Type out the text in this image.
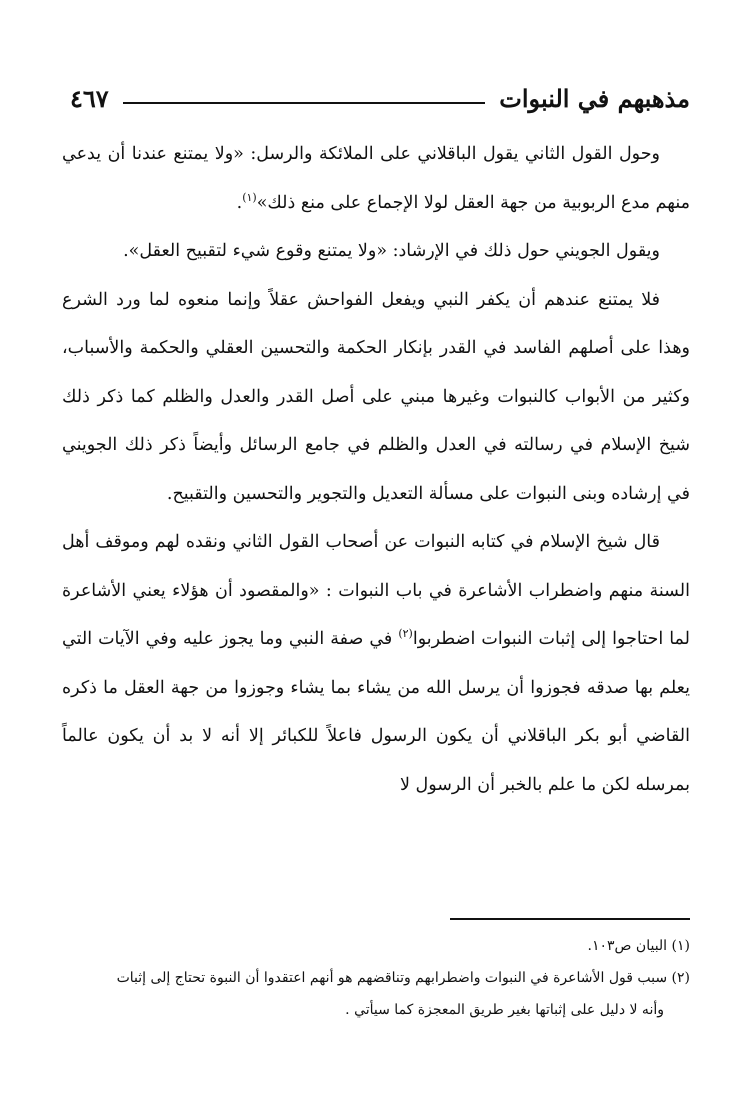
مذهبهم في النبوات
٤٦٧

وحول القول الثاني يقول الباقلاني على الملائكة والرسل: «ولا يمتنع عندنا أن يدعي منهم مدع الربوبية من جهة العقل لولا الإجماع على منع ذلك»$^{(١)}$.

ويقول الجويني حول ذلك في الإرشاد: «ولا يمتنع وقوع شيء لتقبيح العقل».

فلا يمتنع عندهم أن يكفر النبي ويفعل الفواحش عقلاً وإنما منعوه لما ورد الشرع وهذا على أصلهم الفاسد في القدر بإنكار الحكمة والتحسين العقلي والحكمة والأسباب، وكثير من الأبواب كالنبوات وغيرها مبني على أصل القدر والعدل والظلم كما ذكر ذلك شيخ الإسلام في رسالته في العدل والظلم في جامع الرسائل وأيضاً ذكر ذلك الجويني في إرشاده وبنى النبوات على مسألة التعديل والتجوير والتحسين والتقبيح.

قال شيخ الإسلام في كتابه النبوات عن أصحاب القول الثاني ونقده لهم وموقف أهل السنة منهم واضطراب الأشاعرة في باب النبوات : «والمقصود أن هؤلاء يعني الأشاعرة لما احتاجوا إلى إثبات النبوات اضطربوا$^{(٢)}$ في صفة النبي وما يجوز عليه وفي الآيات التي يعلم بها صدقه فجوزوا أن يرسل الله من يشاء بما يشاء وجوزوا من جهة العقل ما ذكره القاضي أبو بكر الباقلاني أن يكون الرسول فاعلاً للكبائر إلا أنه لا بد أن يكون عالماً بمرسله لكن ما علم بالخبر أن الرسول لا

(١) البيان ص١٠٣.

(٢) سبب قول الأشاعرة في النبوات واضطرابهم وتناقضهم هو أنهم اعتقدوا أن النبوة تحتاج إلى إثبات

وأنه لا دليل على إثباتها بغير طريق المعجزة كما سيأتي .
